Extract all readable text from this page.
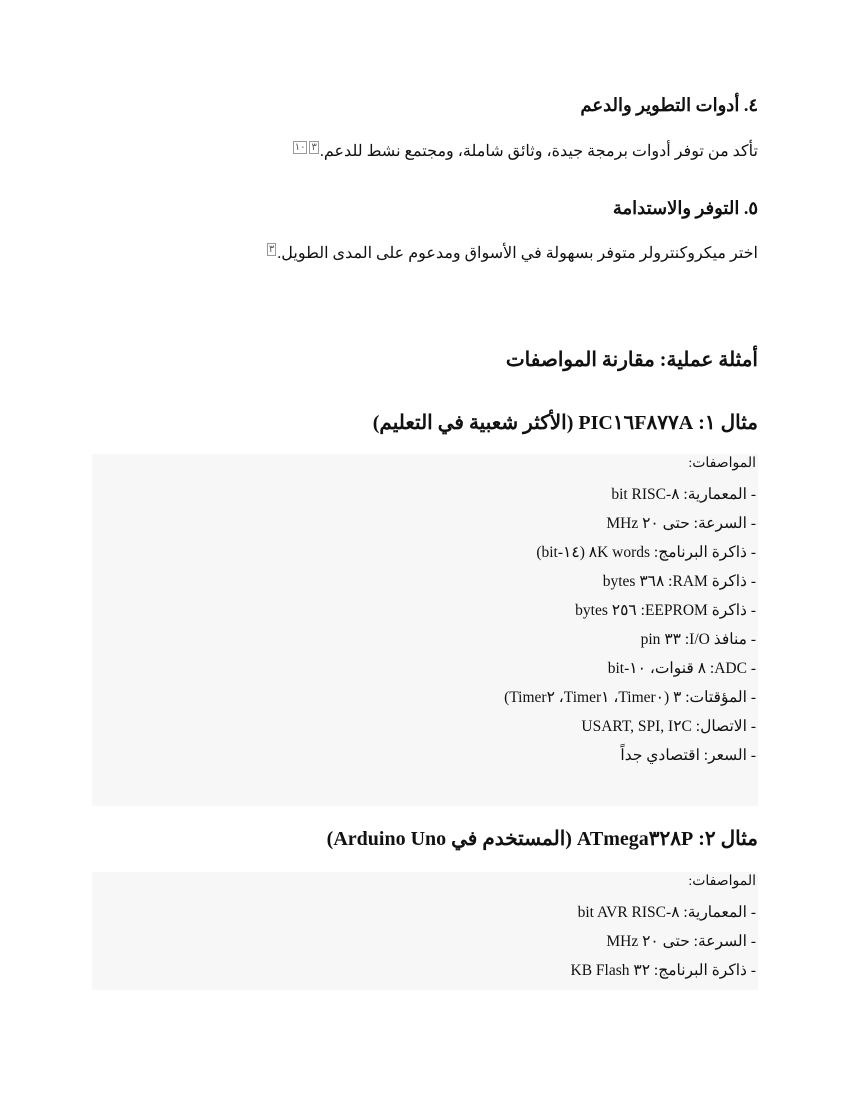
٤. أدوات التطوير والدعم

تأكد من توفر أدوات برمجة جيدة، وثائق شاملة، ومجتمع نشط للدعم.$^{١٠}$ $^٣$

٥. التوفر والاستدامة

اختر ميكروكنترولر متوفر بسهولة في الأسواق ومدعوم على المدى الطويل.$^٣$

أمثلة عملية: مقارنة المواصفات
مثال ١: PIC١٦F٨٧٧A (الأكثر شعبية في التعليم)
المواصفات:
- المعمارية: ٨-bit RISC
- السرعة: حتى ٢٠ MHz
- ذاكرة البرنامج: ٨K words (١٤-bit)
- ذاكرة RAM: ٣٦٨ bytes
- ذاكرة EEPROM: ٢٥٦ bytes
- منافذ I/O: ٣٣ pin
- ADC: ٨ قنوات، ١٠-bit
- المؤقتات: ٣ (Timer٠، Timer١، Timer٢)
- الاتصال: USART, SPI, I٢C
- السعر: اقتصادي جداً
مثال ٢: ATmega٣٢٨P (المستخدم في Arduino Uno)
المواصفات:
- المعمارية: ٨-bit AVR RISC
- السرعة: حتى ٢٠ MHz
- ذاكرة البرنامج: ٣٢ KB Flash
